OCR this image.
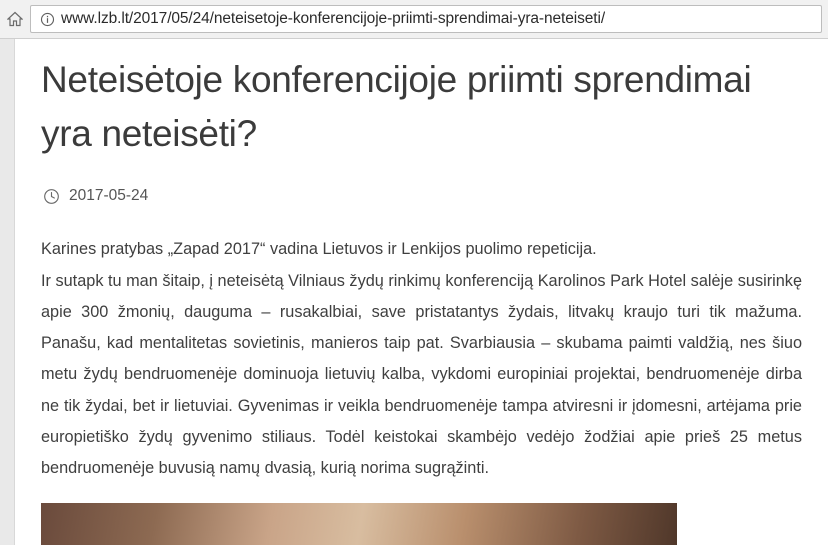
www.lzb.lt/2017/05/24/neteisetoje-konferencijoje-priimti-sprendimai-yra-neteiseti/
Neteisėtoje konferencijoje priimti sprendimai yra neteisėti?
2017-05-24

Karines pratybas „Zapad 2017“ vadina Lietuvos ir Lenkijos puolimo repeticija.

Ir sutapk tu man šitaip, į neteisėtą Vilniaus žydų rinkimų konferenciją Karolinos Park Hotel salėje susirinkę apie 300 žmonių, dauguma – rusakalbiai, save pristatantys žydais, litvakų kraujo turi tik mažuma. Panašu, kad mentalitetas sovietinis, manieros taip pat. Svarbiausia – skubama paimti valdžią, nes šiuo metu žydų bendruomenėje dominuoja lietuvių kalba, vykdomi europiniai projektai, bendruomenėje dirba ne tik žydai, bet ir lietuviai. Gyvenimas ir veikla bendruomenėje tampa atviresni ir įdomesni, artėjama prie europietiško žydų gyvenimo stiliaus. Todėl keistokai skambėjo vedėjo žodžiai apie prieš 25 metus bendruomenėje buvusią namų dvasią, kurią norima sugrąžinti.
